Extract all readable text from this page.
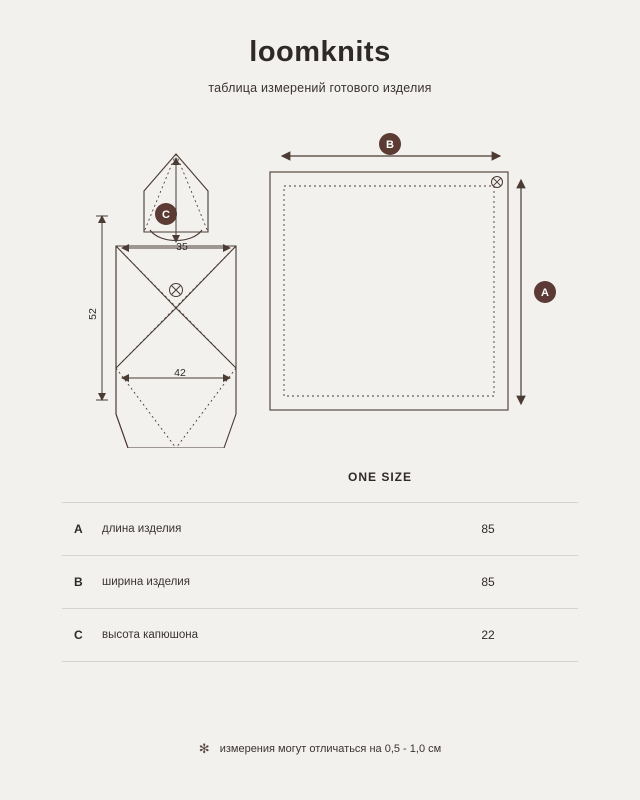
loomknits
таблица измерений готового изделия
C
35
52
42
B
A
ONE SIZE
A	длина изделия	85
B	ширина изделия	85
C	высота капюшона	22
✻ измерения могут отличаться на 0,5 - 1,0 см
